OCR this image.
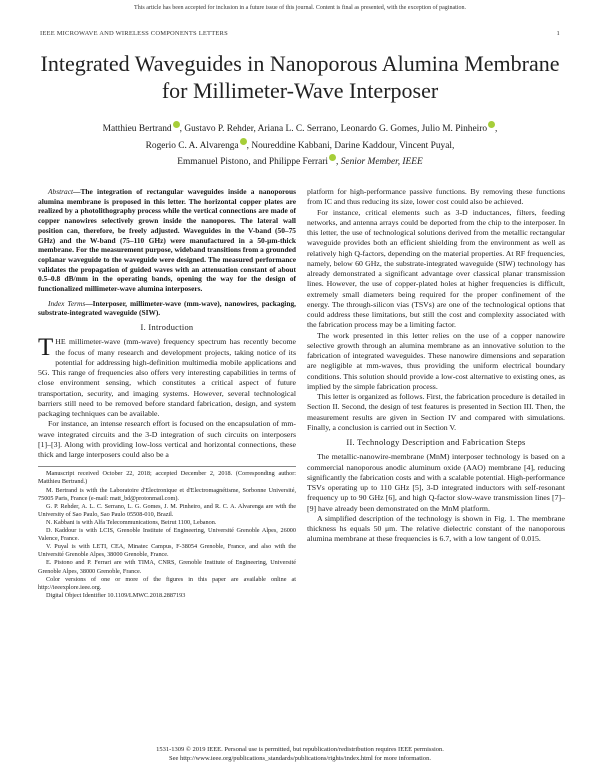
This article has been accepted for inclusion in a future issue of this journal. Content is final as presented, with the exception of pagination.
IEEE MICROWAVE AND WIRELESS COMPONENTS LETTERS	1
Integrated Waveguides in Nanoporous Alumina Membrane for Millimeter-Wave Interposer
Matthieu Bertrand , Gustavo P. Rehder, Ariana L. C. Serrano, Leonardo G. Gomes, Julio M. Pinheiro ,
Rogerio C. A. Alvarenga , Noureddine Kabbani, Darine Kaddour, Vincent Puyal,
Emmanuel Pistono, and Philippe Ferrari , Senior Member, IEEE

Abstract—The integration of rectangular waveguides inside a nanoporous alumina membrane is proposed in this letter. The horizontal copper plates are realized by a photolithography process while the vertical connections are made of copper nanowires selectively grown inside the nanopores. The lateral wall position can, therefore, be freely adjusted. Waveguides in the V-band (50–75 GHz) and the W-band (75–110 GHz) were manufactured in a 50-μm-thick membrane. For the measurement purpose, wideband transitions from a grounded coplanar waveguide to the waveguide were designed. The measured performance validates the propagation of guided waves with an attenuation constant of about 0.5–0.8 dB/mm in the operating bands, opening the way for the design of functionalized millimeter-wave alumina interposers.

Index Terms—Interposer, millimeter-wave (mm-wave), nanowires, packaging, substrate-integrated waveguide (SIW).

I. Introduction

THE millimeter-wave (mm-wave) frequency spectrum has recently become the focus of many research and development projects, taking notice of its potential for addressing high-definition multimedia mobile applications and 5G. This range of frequencies also offers very interesting capabilities in terms of close environment sensing, which constitutes a critical aspect of future transportation, security, and imaging systems. However, several technological barriers still need to be removed before standard fabrication, design, and system packaging techniques can be available.

For instance, an intense research effort is focused on the encapsulation of mm-wave integrated circuits and the 3-D integration of such circuits on interposers [1]–[3]. Along with providing low-loss vertical and horizontal connections, these thick and large interposers could also be a

Manuscript received October 22, 2018; accepted December 2, 2018. (Corresponding author: Matthieu Bertrand.)
M. Bertrand is with the Laboratoire d'Electronique et d'Electromagnétisme, Sorbonne Université, 75005 Paris, France (e-mail: matt_bd@protonmail.com).
G. P. Rehder, A. L. C. Serrano, L. G. Gomes, J. M. Pinheiro, and R. C. A. Alvarenga are with the University of Sao Paulo, Sao Paulo 05508-010, Brazil.
N. Kabbani is with Alfa Telecommunications, Beirut 1100, Lebanon.
D. Kaddour is with LCIS, Grenoble Institute of Engineering, Université Grenoble Alpes, 26000 Valence, France.
V. Puyal is with LETI, CEA, Minatec Campus, F-38054 Grenoble, France, and also with the Université Grenoble Alpes, 38000 Grenoble, France.
E. Pistono and P. Ferrari are with TIMA, CNRS, Grenoble Institute of Engineering, Université Grenoble Alpes, 38000 Grenoble, France.
Color versions of one or more of the figures in this paper are available online at http://ieeexplore.ieee.org.
Digital Object Identifier 10.1109/LMWC.2018.2887193

platform for high-performance passive functions. By removing these functions from IC and thus reducing its size, lower cost could also be achieved.

For instance, critical elements such as 3-D inductances, filters, feeding networks, and antenna arrays could be deported from the chip to the interposer. In this letter, the use of technological solutions derived from the metallic rectangular waveguide provides both an efficient shielding from the environment as well as relatively high Q-factors, depending on the material properties. At RF frequencies, namely, below 60 GHz, the substrate-integrated waveguide (SIW) technology has already demonstrated a significant advantage over classical planar transmission lines. However, the use of copper-plated holes at higher frequencies is difficult, extremely small diameters being required for the proper confinement of the energy. The through-silicon vias (TSVs) are one of the technological options that could address these limitations, but still the cost and complexity associated with the fabrication process may be a limiting factor.

The work presented in this letter relies on the use of a copper nanowire selective growth through an alumina membrane as an innovative solution to the fabrication of integrated waveguides. These nanowire dimensions and separation are negligible at mm-waves, thus providing the uniform electrical boundary conditions. This solution should provide a low-cost alternative to existing ones, as implied by the simple fabrication process.

This letter is organized as follows. First, the fabrication procedure is detailed in Section II. Second, the design of test features is presented in Section III. Then, the measurement results are given in Section IV and compared with simulations. Finally, a conclusion is carried out in Section V.

II. Technology Description and Fabrication Steps

The metallic-nanowire-membrane (MnM) interposer technology is based on a commercial nanoporous anodic aluminum oxide (AAO) membrane [4], reducing significantly the fabrication costs and with a scalable potential. High-performance TSVs operating up to 110 GHz [5], 3-D integrated inductors with self-resonant frequency up to 90 GHz [6], and high Q-factor slow-wave transmission lines [7]–[9] have already been demonstrated on the MnM platform.

A simplified description of the technology is shown in Fig. 1. The membrane thickness hs equals 50 μm. The relative dielectric constant of the nanoporous alumina membrane at these frequencies is 6.7, with a low tangent of 0.015.

1531-1309 © 2019 IEEE. Personal use is permitted, but republication/redistribution requires IEEE permission.
See http://www.ieee.org/publications_standards/publications/rights/index.html for more information.
